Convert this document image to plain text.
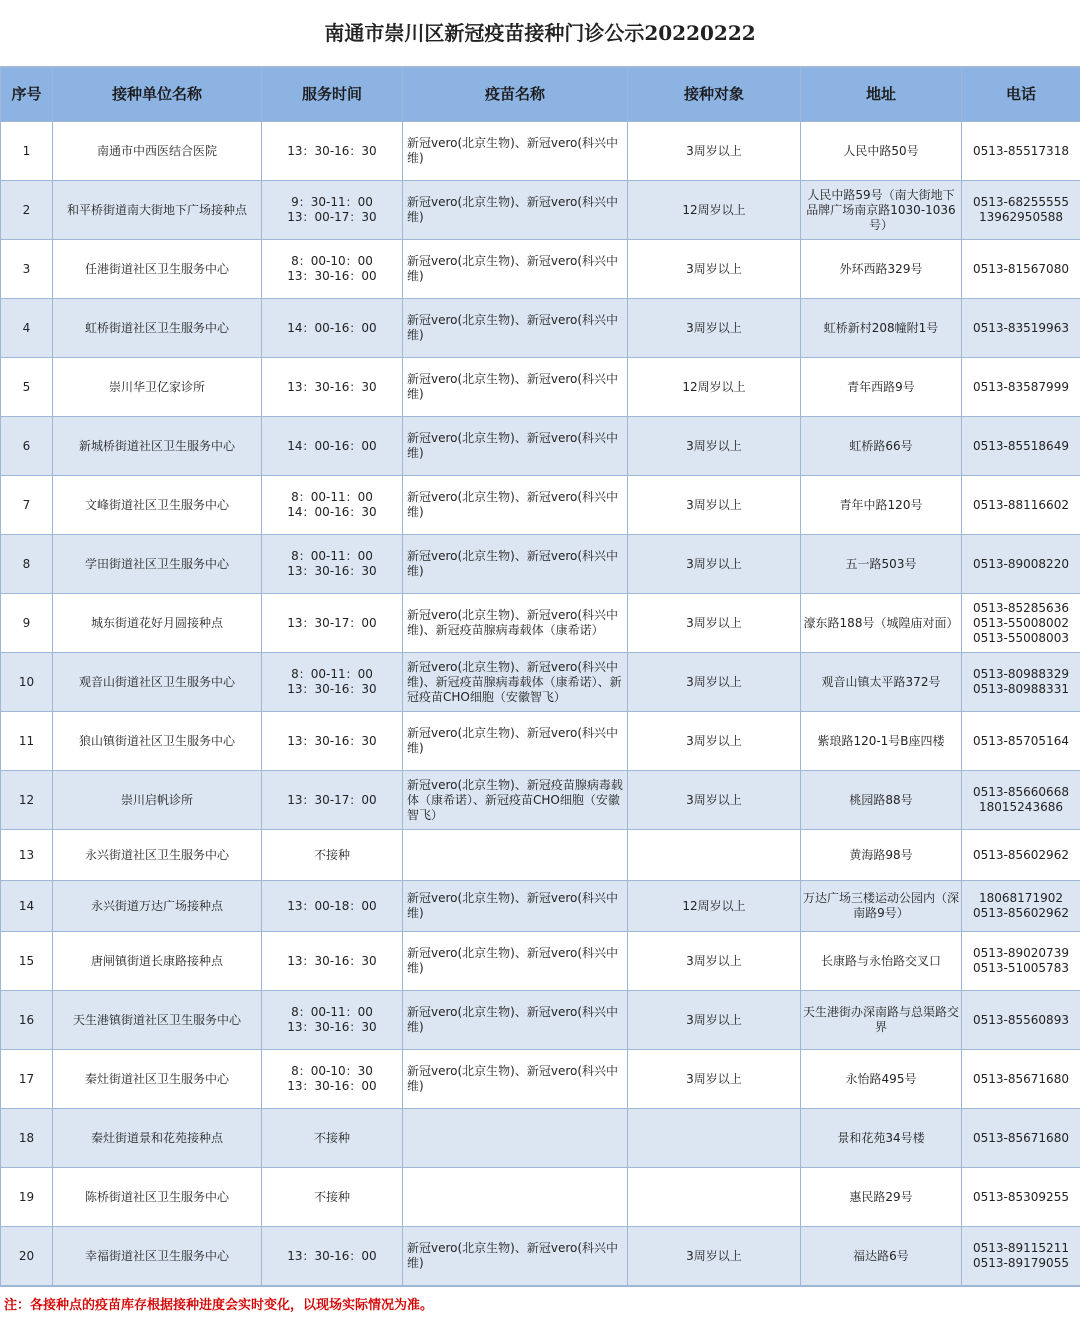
南通市崇川区新冠疫苗接种门诊公示20220222
序号	接种单位名称	服务时间	疫苗名称	接种对象	地址	电话
1	南通市中西医结合医院	13：30-16：30	新冠vero(北京生物)、新冠vero(科兴中维)	3周岁以上	人民中路50号	0513-85517318
2	和平桥街道南大街地下广场接种点	9：30-11：00
13：00-17：30	新冠vero(北京生物)、新冠vero(科兴中维)	12周岁以上	人民中路59号（南大街地下品牌广场南京路1030-1036号）	0513-68255555
13962950588
3	任港街道社区卫生服务中心	8：00-10：00
13：30-16：00	新冠vero(北京生物)、新冠vero(科兴中维)	3周岁以上	外环西路329号	0513-81567080
4	虹桥街道社区卫生服务中心	14：00-16：00	新冠vero(北京生物)、新冠vero(科兴中维)	3周岁以上	虹桥新村208幢附1号	0513-83519963
5	崇川华卫亿家诊所	13：30-16：30	新冠vero(北京生物)、新冠vero(科兴中维)	12周岁以上	青年西路9号	0513-83587999
6	新城桥街道社区卫生服务中心	14：00-16：00	新冠vero(北京生物)、新冠vero(科兴中维)	3周岁以上	虹桥路66号	0513-85518649
7	文峰街道社区卫生服务中心	8：00-11：00
14：00-16：30	新冠vero(北京生物)、新冠vero(科兴中维)	3周岁以上	青年中路120号	0513-88116602
8	学田街道社区卫生服务中心	8：00-11：00
13：30-16：30	新冠vero(北京生物)、新冠vero(科兴中维)	3周岁以上	五一路503号	0513-89008220
9	城东街道花好月圆接种点	13：30-17：00	新冠vero(北京生物)、新冠vero(科兴中维)、新冠疫苗腺病毒载体（康希诺）	3周岁以上	濠东路188号（城隍庙对面）	0513-85285636
0513-55008002
0513-55008003
10	观音山街道社区卫生服务中心	8：00-11：00
13：30-16：30	新冠vero(北京生物)、新冠vero(科兴中维)、新冠疫苗腺病毒载体（康希诺）、新冠疫苗CHO细胞（安徽智飞）	3周岁以上	观音山镇太平路372号	0513-80988329
0513-80988331
11	狼山镇街道社区卫生服务中心	13：30-16：30	新冠vero(北京生物)、新冠vero(科兴中维)	3周岁以上	紫琅路120-1号B座四楼	0513-85705164
12	崇川启帆诊所	13：30-17：00	新冠vero(北京生物)、新冠疫苗腺病毒载体（康希诺）、新冠疫苗CHO细胞（安徽智飞）	3周岁以上	桃园路88号	0513-85660668
18015243686
13	永兴街道社区卫生服务中心	不接种			黄海路98号	0513-85602962
14	永兴街道万达广场接种点	13：00-18：00	新冠vero(北京生物)、新冠vero(科兴中维)	12周岁以上	万达广场三楼运动公园内（深南路9号）	18068171902
0513-85602962
15	唐闸镇街道长康路接种点	13：30-16：30	新冠vero(北京生物)、新冠vero(科兴中维)	3周岁以上	长康路与永怡路交叉口	0513-89020739
0513-51005783
16	天生港镇街道社区卫生服务中心	8：00-11：00
13：30-16：30	新冠vero(北京生物)、新冠vero(科兴中维)	3周岁以上	天生港街办深南路与总渠路交界	0513-85560893
17	秦灶街道社区卫生服务中心	8：00-10：30
13：30-16：00	新冠vero(北京生物)、新冠vero(科兴中维)	3周岁以上	永怡路495号	0513-85671680
18	秦灶街道景和花苑接种点	不接种			景和花苑34号楼	0513-85671680
19	陈桥街道社区卫生服务中心	不接种			惠民路29号	0513-85309255
20	幸福街道社区卫生服务中心	13：30-16：00	新冠vero(北京生物)、新冠vero(科兴中维)	3周岁以上	福达路6号	0513-89115211
0513-89179055
注：各接种点的疫苗库存根据接种进度会实时变化，以现场实际情况为准。
